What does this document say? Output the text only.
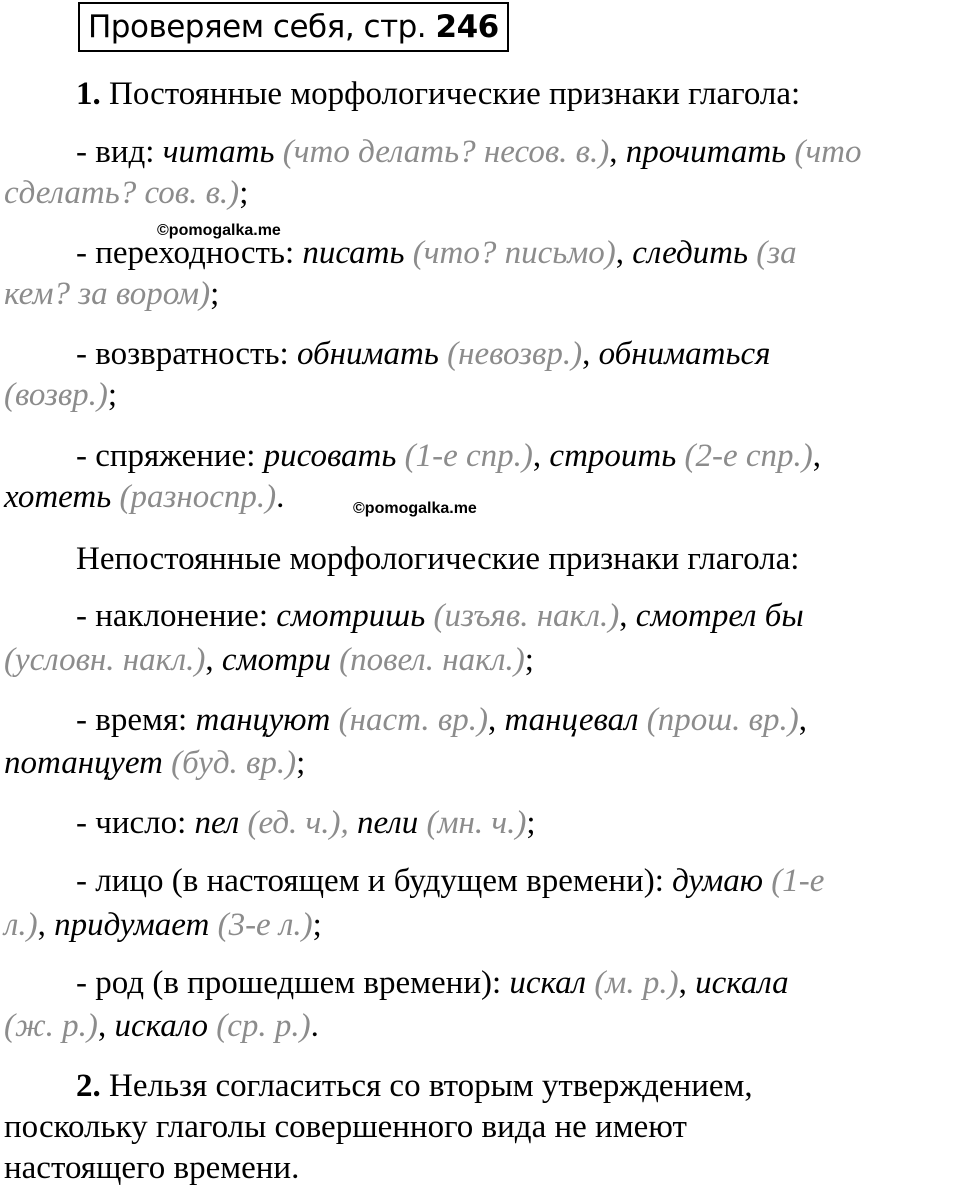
Проверяем себя, стр. 246
©pomogalka.me
©pomogalka.me
1. Постоянные морфологические признаки глагола:
- вид: читать (что делать? несов. в.), прочитать (что
сделать? сов. в.);
- переходность: писать (что? письмо), следить (за
кем? за вором);
- возвратность: обнимать (невозвр.), обниматься
(возвр.);
- спряжение: рисовать (1-е спр.), строить (2-е спр.),
хотеть (разноспр.).
Непостоянные морфологические признаки глагола:
- наклонение: смотришь (изъяв. накл.), смотрел бы
(условн. накл.), смотри (повел. накл.);
- время: танцуют (наст. вр.), танцевал (прош. вр.),
потанцует (буд. вр.);
- число: пел (ед. ч.), пели (мн. ч.);
- лицо (в настоящем и будущем времени): думаю (1-е
л.), придумает (3-е л.);
- род (в прошедшем времени): искал (м. р.), искала
(ж. р.), искало (ср. р.).
2. Нельзя согласиться со вторым утверждением,
поскольку глаголы совершенного вида не имеют
настоящего времени.
